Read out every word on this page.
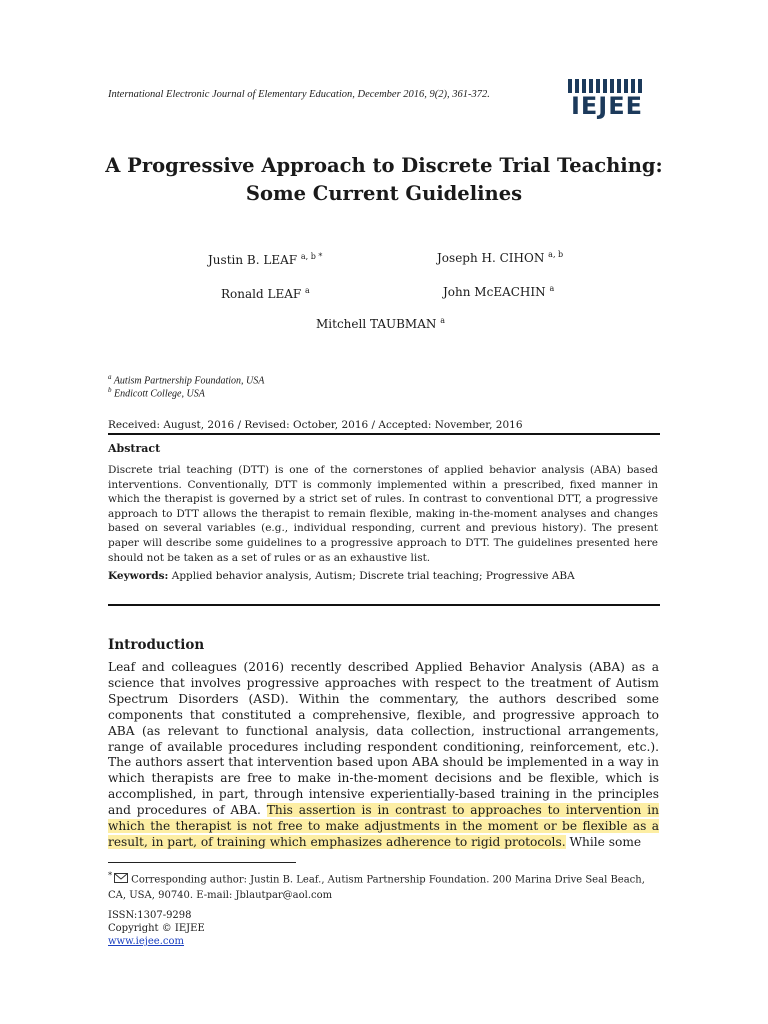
International Electronic Journal of Elementary Education, December 2016, 9(2), 361-372.	IEJEE
A Progressive Approach to Discrete Trial Teaching:
Some Current Guidelines
Justin B. LEAF $^{a, b *}$	Joseph H. CIHON $^{a, b}$
Ronald LEAF $^a$	John McEACHIN $^a$
Mitchell TAUBMAN $^a$
$^a$ Autism Partnership Foundation, USA
$^b$ Endicott College, USA
Received: August, 2016 / Revised: October, 2016 / Accepted: November, 2016
Abstract
Discrete trial teaching (DTT) is one of the cornerstones of applied behavior analysis (ABA) based interventions. Conventionally, DTT is commonly implemented within a prescribed, fixed manner in which the therapist is governed by a strict set of rules. In contrast to conventional DTT, a progressive approach to DTT allows the therapist to remain flexible, making in-the-moment analyses and changes based on several variables (e.g., individual responding, current and previous history). The present paper will describe some guidelines to a progressive approach to DTT. The guidelines presented here should not be taken as a set of rules or as an exhaustive list.
Keywords: Applied behavior analysis, Autism; Discrete trial teaching; Progressive ABA
Introduction
Leaf and colleagues (2016) recently described Applied Behavior Analysis (ABA) as a science that involves progressive approaches with respect to the treatment of Autism Spectrum Disorders (ASD). Within the commentary, the authors described some components that constituted a comprehensive, flexible, and progressive approach to ABA (as relevant to functional analysis, data collection, instructional arrangements, range of available procedures including respondent conditioning, reinforcement, etc.). The authors assert that intervention based upon ABA should be implemented in a way in which therapists are free to make in-the-moment decisions and be flexible, which is accomplished, in part, through intensive experientially-based training in the principles and procedures of ABA. This assertion is in contrast to approaches to intervention in which the therapist is not free to make adjustments in the moment or be flexible as a result, in part, of training which emphasizes adherence to rigid protocols. While some
* Corresponding author: Justin B. Leaf., Autism Partnership Foundation. 200 Marina Drive Seal Beach, CA, USA, 90740. E-mail: Jblautpar@aol.com
ISSN:1307-9298
Copyright © IEJEE
www.iejee.com
